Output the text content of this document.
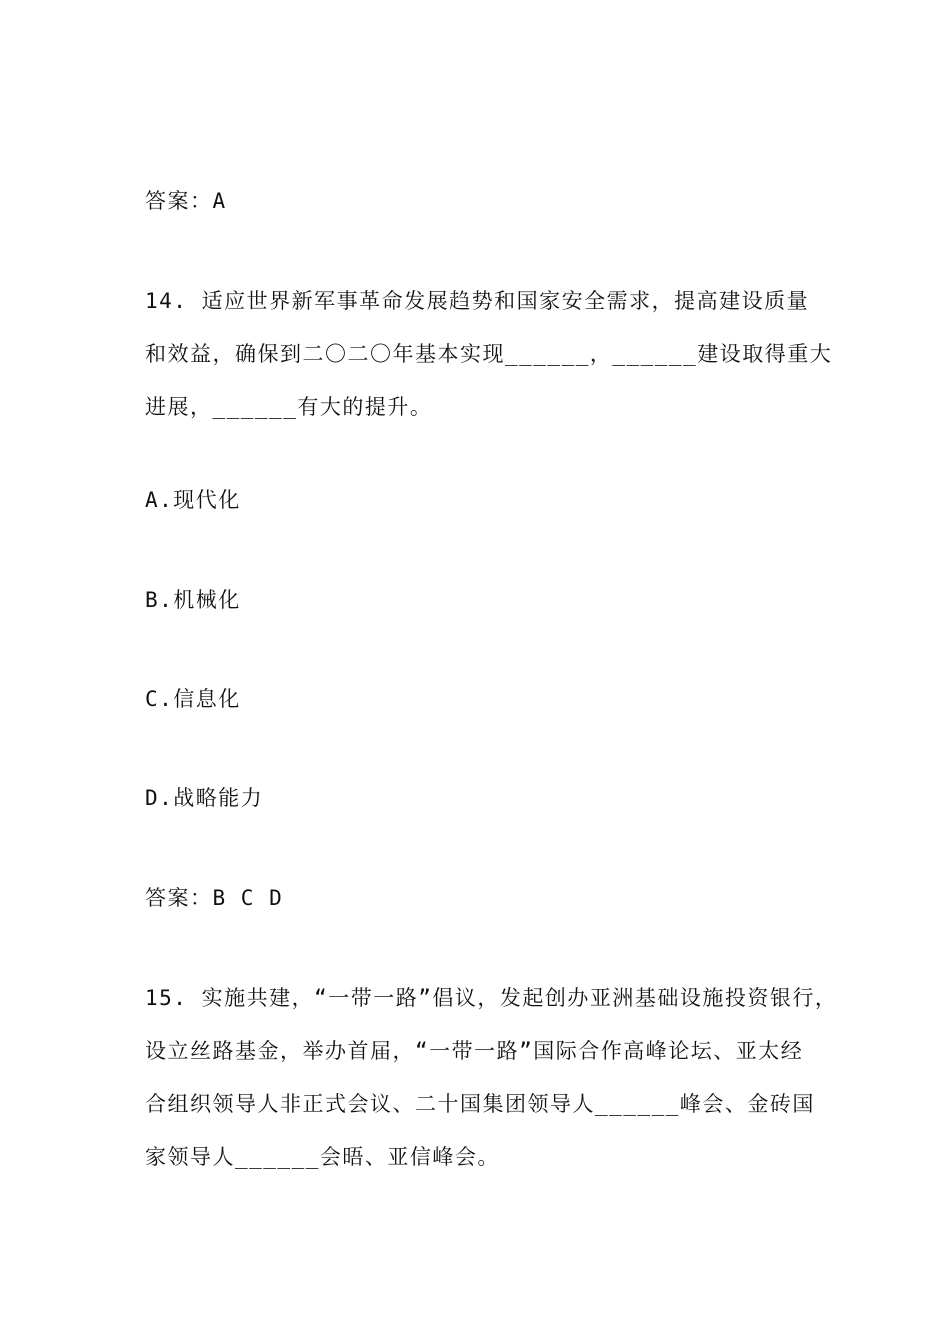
答案：A
14. 适应世界新军事革命发展趋势和国家安全需求，提高建设质量
和效益，确保到二〇二〇年基本实现______，______建设取得重大
进展，______有大的提升。
A.现代化
B.机械化
C.信息化
D.战略能力
答案：B C D
15. 实施共建，“一带一路”倡议，发起创办亚洲基础设施投资银行，
设立丝路基金，举办首届，“一带一路”国际合作高峰论坛、亚太经
合组织领导人非正式会议、二十国集团领导人______峰会、金砖国
家领导人______会晤、亚信峰会。
